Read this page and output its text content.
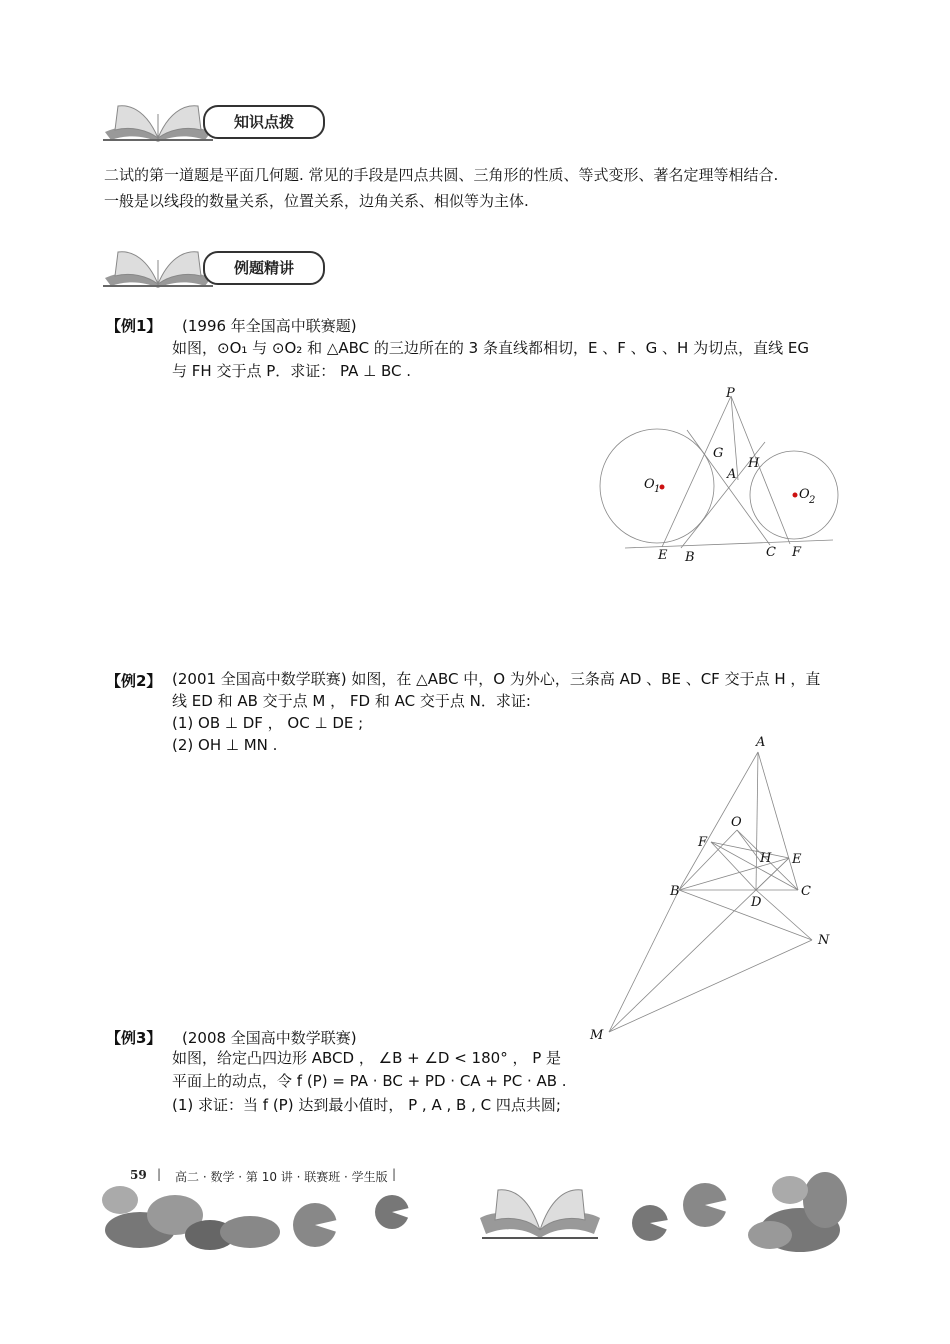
知识点拨
二试的第一道题是平面几何题. 常见的手段是四点共圆、三角形的性质、等式变形、著名定理等相结合.
一般是以线段的数量关系，位置关系，边角关系、相似等为主体.
例题精讲
【例1】 (1996 年全国高中联赛题)
如图，⊙O₁ 与 ⊙O₂ 和 △ABC 的三边所在的 3 条直线都相切，E 、F 、G 、H 为切点，直线 EG
与 FH 交于点 P．求证： PA ⊥ BC .
P
G
H
A
O 1	O 2
E B	C F
【例2】 (2001 全国高中数学联赛) 如图，在 △ABC 中，O 为外心，三条高 AD 、BE 、CF 交于点 H ，直
线 ED 和 AB 交于点 M ， FD 和 AC 交于点 N．求证:
(1) OB ⊥ DF ， OC ⊥ DE ;
(2) OH ⊥ MN .	A
O
F
H E
B	C
D
N
M
【例3】 (2008 全国高中数学联赛)
如图，给定凸四边形 ABCD ， ∠B + ∠D < 180° ， P 是
平面上的动点，令 f (P) = PA · BC + PD · CA + PC · AB .
(1) 求证：当 f (P) 达到最小值时， P , A , B , C 四点共圆;
59 | 高二 · 数学 · 第 10 讲 · 联赛班 · 学生版 |
